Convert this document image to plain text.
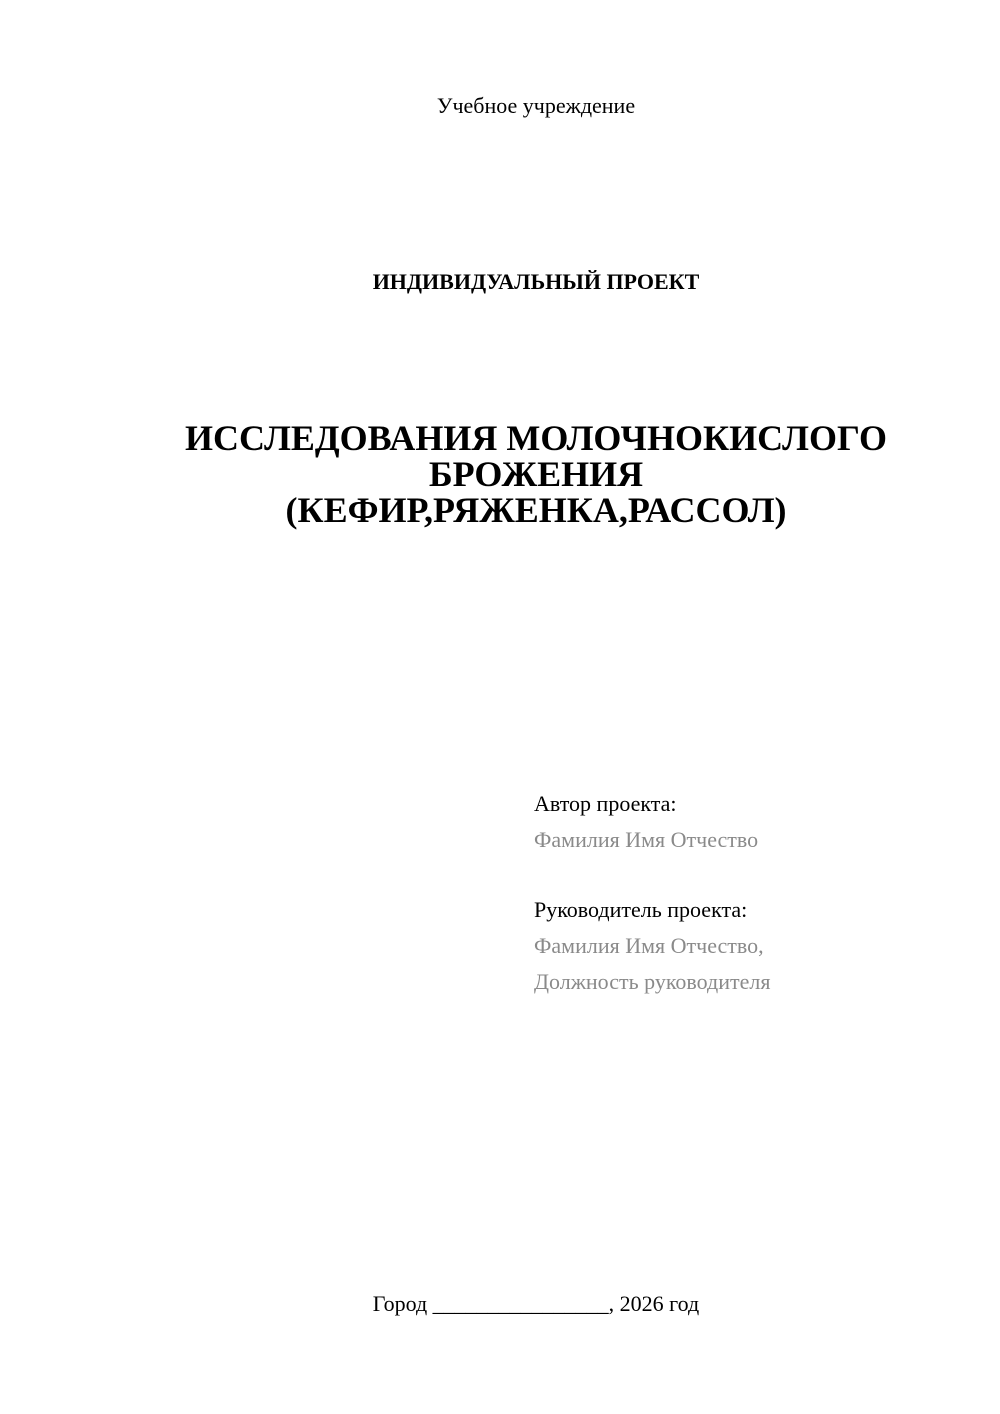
Учебное учреждение
ИНДИВИДУАЛЬНЫЙ ПРОЕКТ
ИССЛЕДОВАНИЯ МОЛОЧНОКИСЛОГО
БРОЖЕНИЯ
(КЕФИР,РЯЖЕНКА,РАССОЛ)
Автор проекта:
Фамилия Имя Отчество
Руководитель проекта:
Фамилия Имя Отчество,
Должность руководителя
Город ________________, 2026 год
